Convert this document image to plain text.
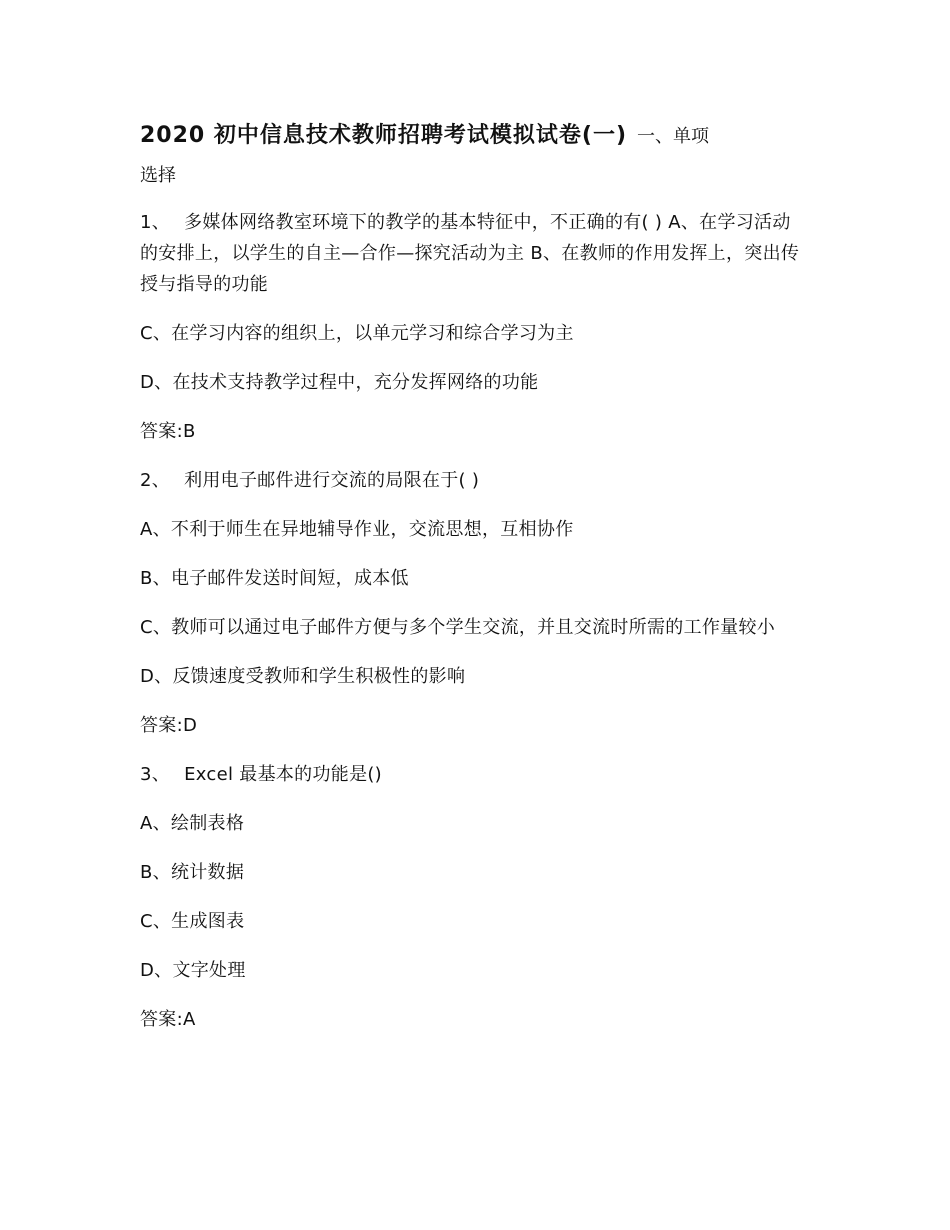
2020 初中信息技术教师招聘考试模拟试卷(一) 一、单项

选择

1、 多媒体网络教室环境下的教学的基本特征中，不正确的有( ) A、在学习活动的安排上，以学生的自主—合作—探究活动为主 B、在教师的作用发挥上，突出传授与指导的功能

C、在学习内容的组织上，以单元学习和综合学习为主

D、在技术支持教学过程中，充分发挥网络的功能

答案:B

2、 利用电子邮件进行交流的局限在于( )

A、不利于师生在异地辅导作业，交流思想，互相协作

B、电子邮件发送时间短，成本低

C、教师可以通过电子邮件方便与多个学生交流，并且交流时所需的工作量较小

D、反馈速度受教师和学生积极性的影响

答案:D

3、 Excel 最基本的功能是()

A、绘制表格

B、统计数据

C、生成图表

D、文字处理

答案:A
